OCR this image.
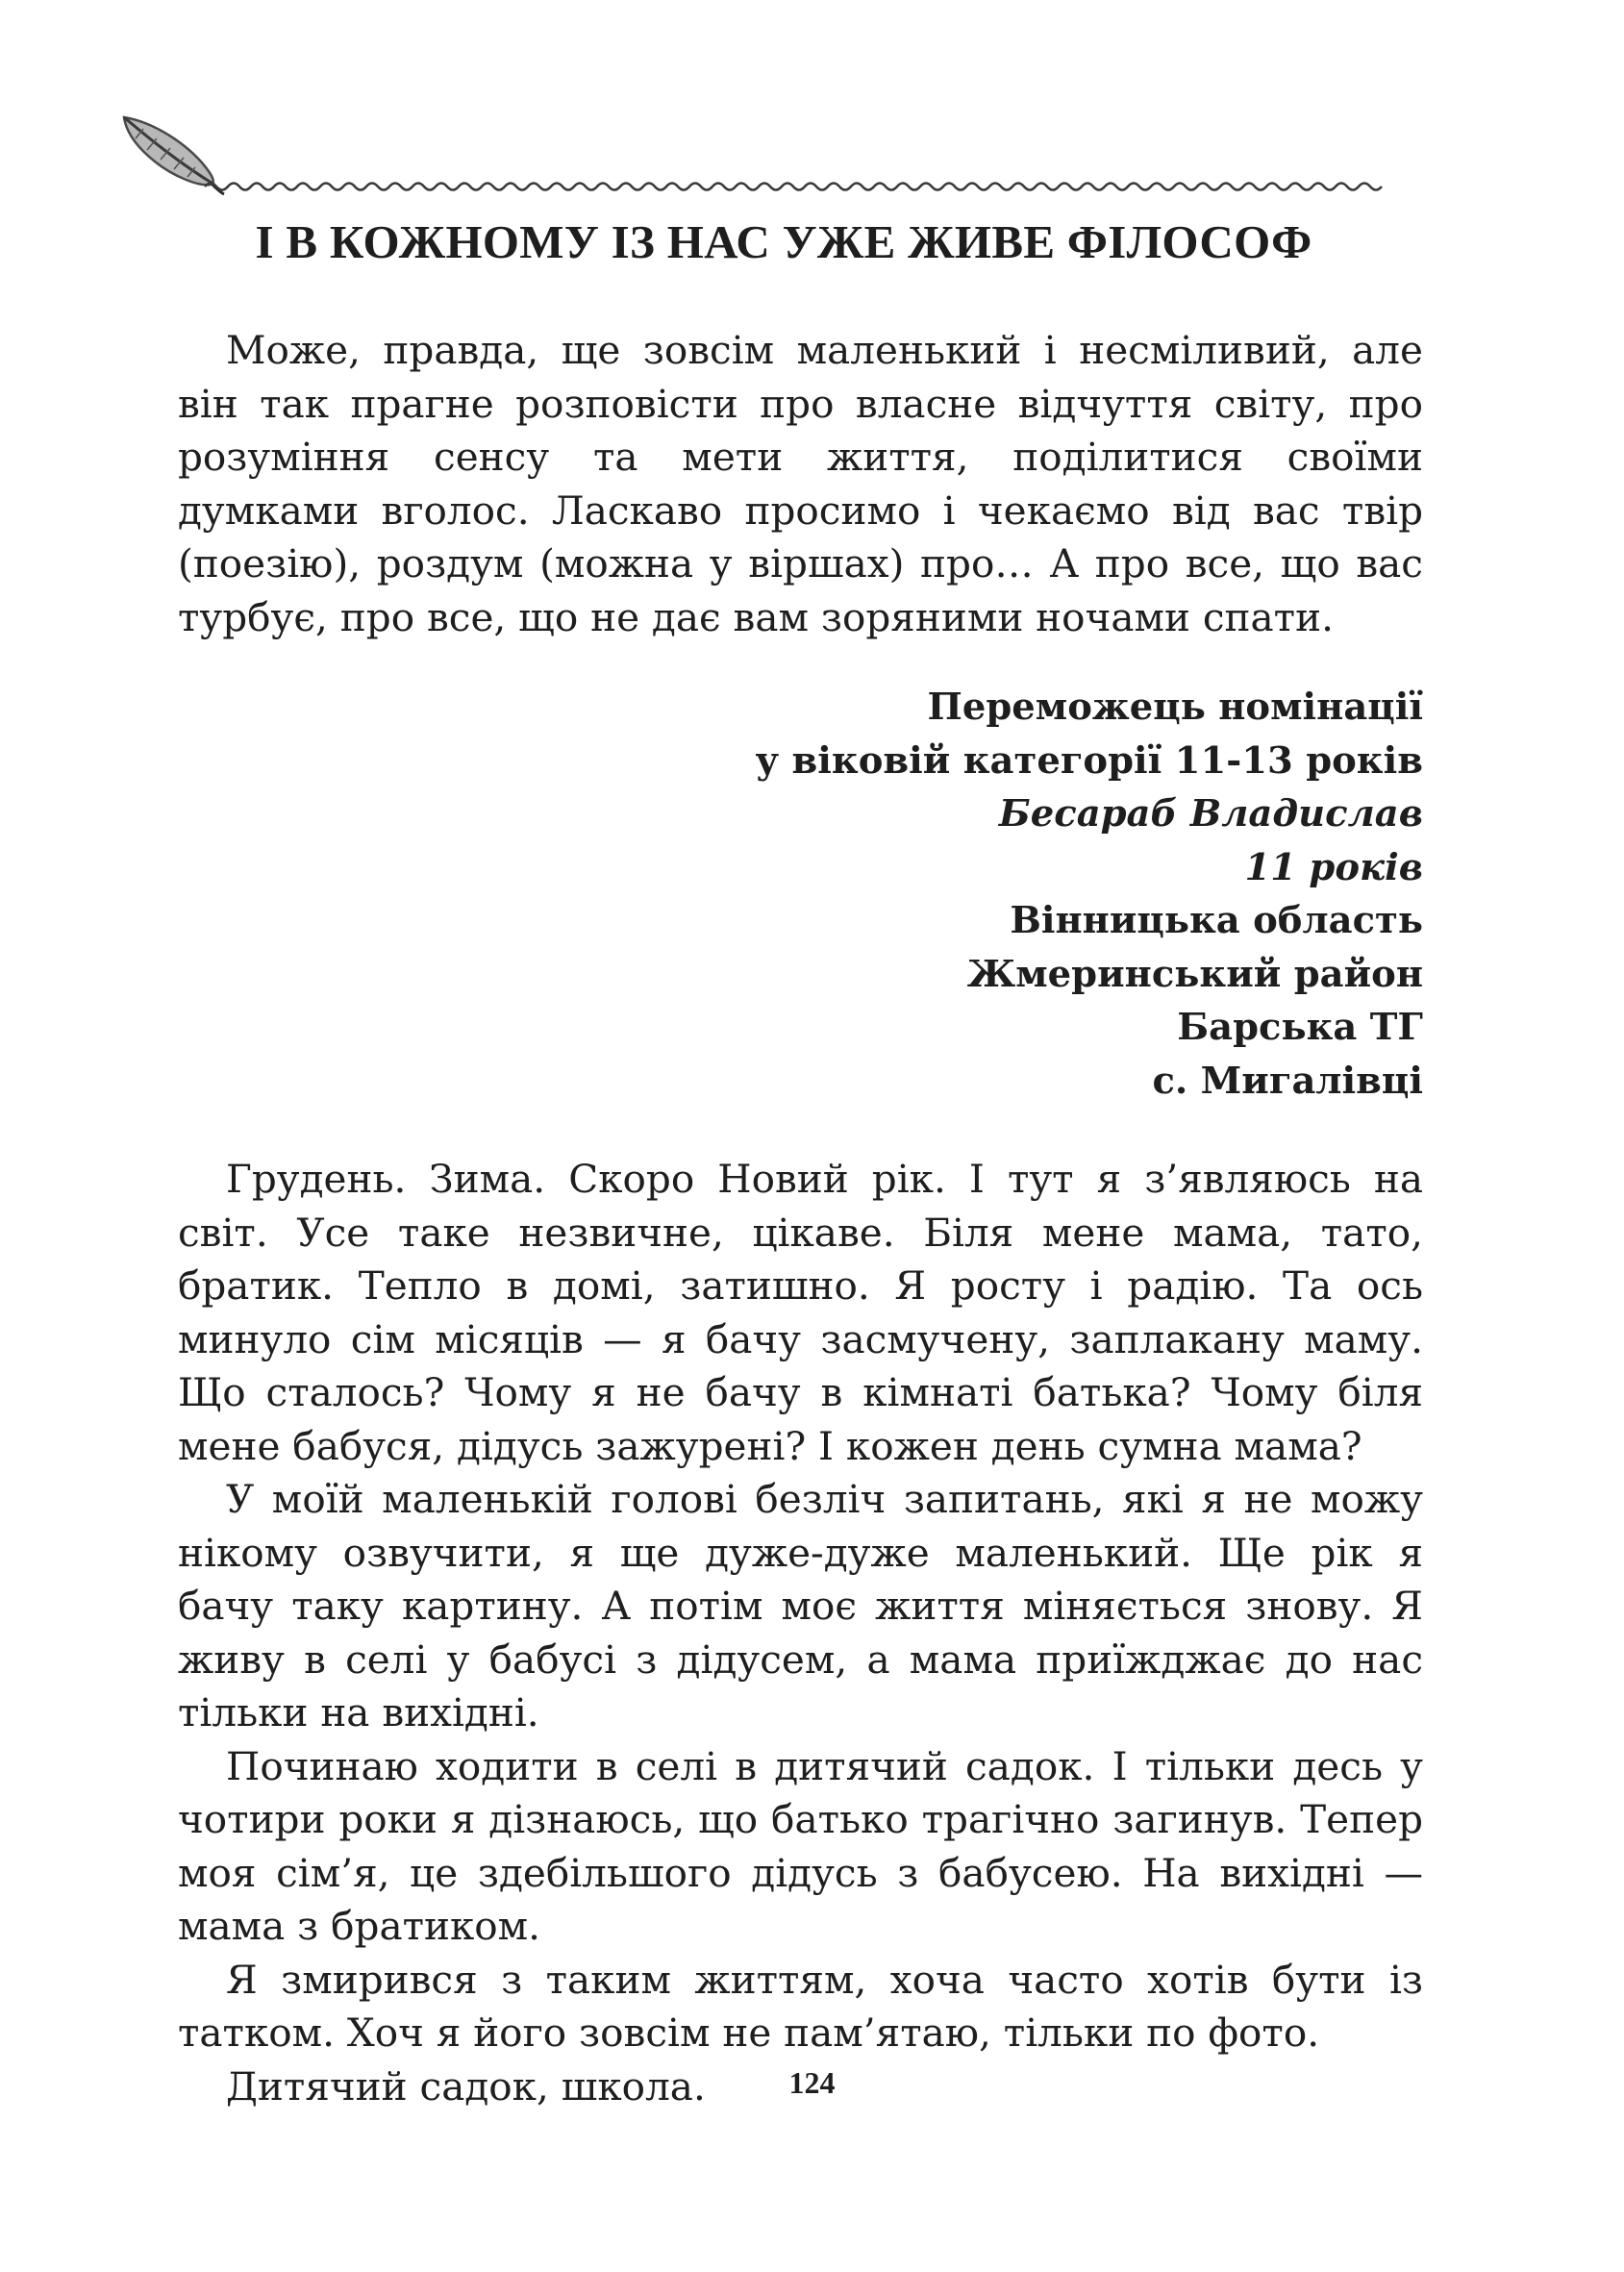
І В КОЖНОМУ ІЗ НАС УЖЕ ЖИВЕ ФІЛОСОФ

Може, правда, ще зовсім маленький і несміливий, але він так прагне розповісти про власне відчуття світу, про розуміння сенсу та мети життя, поділитися своїми думками вголос. Ласкаво просимо і чекаємо від вас твір (поезію), роздум (можна у віршах) про… А про все, що вас турбує, про все, що не дає вам зоряними ночами спати.

Переможець номінації
у віковій категорії 11-13 років
Бесараб Владислав
11 років
Вінницька область
Жмеринський район
Барська ТГ
с. Мигалівці

Грудень. Зима. Скоро Новий рік. І тут я з’являюсь на світ. Усе таке незвичне, цікаве. Біля мене мама, тато, братик. Тепло в домі, затишно. Я росту і радію. Та ось минуло сім місяців — я бачу засмучену, заплакану маму. Що сталось? Чому я не бачу в кімнаті батька? Чому біля мене бабуся, дідусь зажурені? І кожен день сумна мама?

У моїй маленькій голові безліч запитань, які я не можу нікому озвучити, я ще дуже-дуже маленький. Ще рік я бачу таку картину. А потім моє життя міняється знову. Я живу в селі у бабусі з дідусем, а мама приїжджає до нас тільки на вихідні.

Починаю ходити в селі в дитячий садок. І тільки десь у чотири роки я дізнаюсь, що батько трагічно загинув. Тепер моя сім’я, це здебільшого дідусь з бабусею. На вихідні — мама з братиком.

Я змирився з таким життям, хоча часто хотів бути із татком. Хоч я його зовсім не пам’ятаю, тільки по фото.

Дитячий садок, школа.	124
